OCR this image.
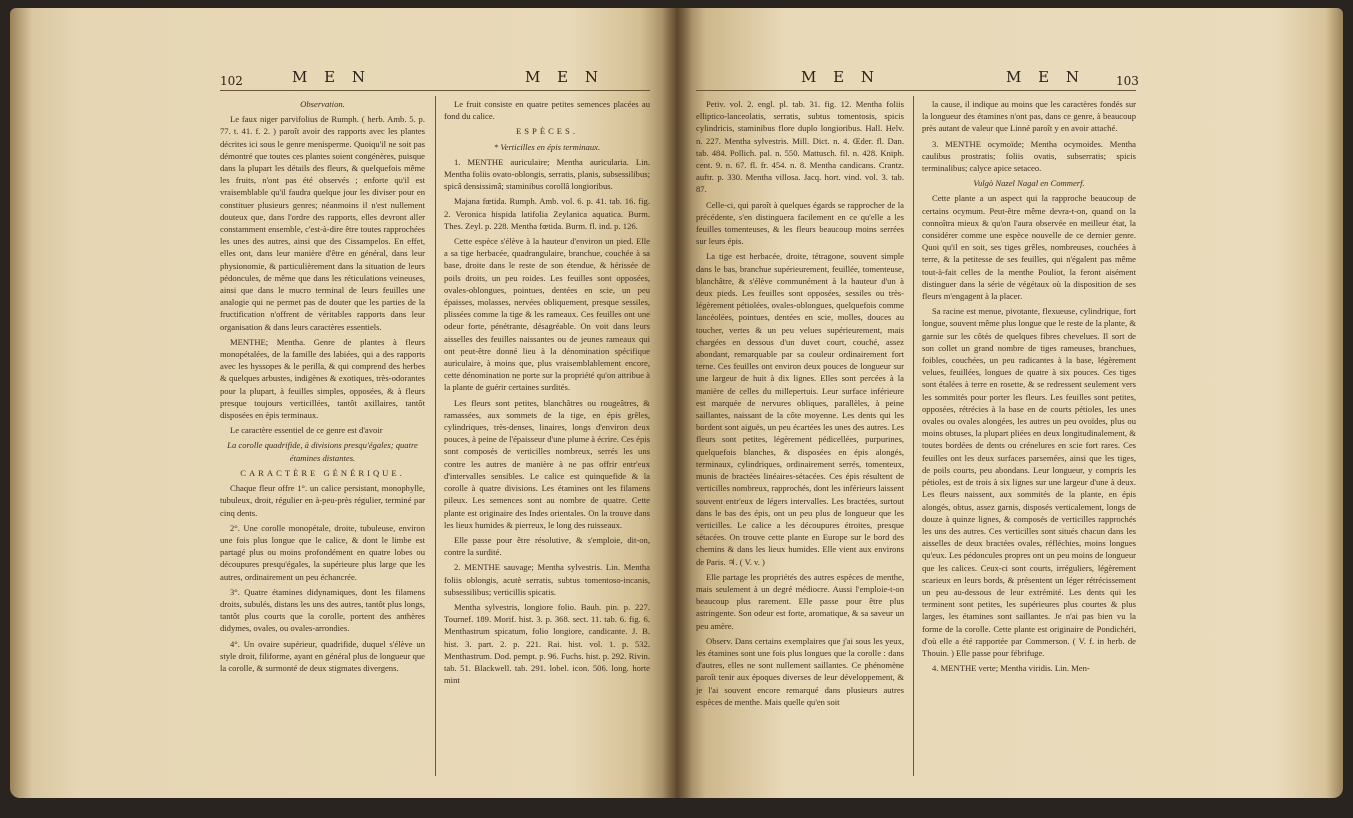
102	M E N	M E N

Observation.

Le faux niger parvifolius de Rumph. ( herb. Amb. 5. p. 77. t. 41. f. 2. ) paroît avoir des rapports avec les plantes décrites ici sous le genre menisperme. Quoiqu'il ne soit pas démontré que toutes ces plantes soient congénères, puisque dans la plupart les détails des fleurs, & quelquefois même les fruits, n'ont pas été observés ; enforte qu'il est vraisemblable qu'il faudra quelque jour les diviser pour en constituer plusieurs genres; néanmoins il n'est nullement douteux que, dans l'ordre des rapports, elles devront aller constamment ensemble, c'est-à-dire être toutes rapprochées les unes des autres, ainsi que des Cissampelos. En effet, elles ont, dans leur manière d'être en général, dans leur physionomie, & particulièrement dans la situation de leurs pédoncules, de même que dans les réticulations veineuses, ainsi que dans le mucro terminal de leurs feuilles une analogie qui ne permet pas de douter que les parties de la fructification n'offrent de véritables rapports dans leur organisation & dans leurs caractères essentiels.

MENTHE; Mentha. Genre de plantes à fleurs monopétalées, de la famille des labiées, qui a des rapports avec les hyssopes & le perilla, & qui comprend des herbes & quelques arbustes, indigènes & exotiques, très-odorantes pour la plupart, à feuilles simples, opposées, & à fleurs presque toujours verticillées, tantôt axillaires, tantôt disposées en épis terminaux.

Le caractère essentiel de ce genre est d'avoir

La corolle quadrifide, à divisions presqu'égales; quatre étamines distantes.

CARACTÈRE GÉNÉRIQUE.

Chaque fleur offre 1°. un calice persistant, monophylle, tubuleux, droit, régulier en à-peu-près régulier, terminé par cinq dents.

2°. Une corolle monopétale, droite, tubuleuse, environ une fois plus longue que le calice, & dont le limbe est partagé plus ou moins profondément en quatre lobes ou découpures presqu'égales, la supérieure plus large que les autres, ordinairement un peu échancrée.

3°. Quatre étamines didynamiques, dont les filamens droits, subulés, distans les uns des autres, tantôt plus longs, tantôt plus courts que la corolle, portent des anthères didymes, ovales, ou ovales-arrondies.

4°. Un ovaire supérieur, quadrifide, duquel s'élève un style droit, filiforme, ayant en général plus de longueur que la corolle, & surmonté de deux stigmates divergens.

Le fruit consiste en quatre petites semences placées au fond du calice.

ESPÈCES.

* Verticilles en épis terminaux.

1. MENTHE auriculaire; Mentha auricularia. Lin. Mentha foliis ovato-oblongis, serratis, planis, subsessilibus; spicâ densissimâ; staminibus corollâ longioribus.

Majana fœtida. Rumph. Amb. vol. 6. p. 41. tab. 16. fig. 2. Veronica hispida latifolia Zeylanica aquatica. Burm. Thes. Zeyl. p. 228. Mentha fœtida. Burm. fl. ind. p. 126.

Cette espèce s'élève à la hauteur d'environ un pied. Elle a sa tige herbacée, quadrangulaire, branchue, couchée à sa base, droite dans le reste de son étendue, & hérissée de poils droits, un peu roides. Les feuilles sont opposées, ovales-oblongues, pointues, dentées en scie, un peu épaisses, molasses, nervées obliquement, presque sessiles, plissées comme la tige & les rameaux. Ces feuilles ont une odeur forte, pénétrante, désagréable. On voit dans leurs aisselles des feuilles naissantes ou de jeunes rameaux qui ont peut-être donné lieu à la dénomination spécifique auriculaire, à moins que, plus vraisemblablement encore, cette dénomination ne porte sur la propriété qu'on attribue à la plante de guérir certaines surdités.

Les fleurs sont petites, blanchâtres ou rougeâtres, & ramassées, aux sommets de la tige, en épis grêles, cylindriques, très-denses, linaires, longs d'environ deux pouces, à peine de l'épaisseur d'une plume à écrire. Ces épis sont composés de verticilles nombreux, serrés les uns contre les autres de manière à ne pas offrir entr'eux d'intervalles sensibles. Le calice est quinquefide & la corolle à quatre divisions. Les étamines ont les filamens pileux. Les semences sont au nombre de quatre. Cette plante est originaire des Indes orientales. On la trouve dans les lieux humides & pierreux, le long des ruisseaux.

Elle passe pour être résolutive, & s'emploie, dit-on, contre la surdité.

2. MENTHE sauvage; Mentha sylvestris. Lin. Mentha foliis oblongis, acutè serratis, subtus tomentoso-incanis, subsessilibus; verticillis spicatis.

Mentha sylvestris, longiore folio. Bauh. pin. p. 227. Tournef. 189. Morif. hist. 3. p. 368. sect. 11. tab. 6. fig. 6. Menthastrum spicatum, folio longiore, candicante. J. B. hist. 3. part. 2. p. 221. Rai. hist. vol. 1. p. 532. Menthastrum. Dod. pempt. p. 96. Fuchs. hist. p. 292. Rivin. tab. 51. Blackwell. tab. 291. lobel. icon. 506. long. horte mint

M E N	M E N	103

Petiv. vol. 2. engl. pl. tab. 31. fig. 12. Mentha foliis elliptico-lanceolatis, serratis, subtus tomentosis, spicis cylindricis, staminibus flore duplo longioribus. Hall. Helv. n. 227. Mentha sylvestris. Mill. Dict. n. 4. Œder. fl. Dan. tab. 484. Pollich. pal. n. 550. Mattusch. fil. n. 428. Kniph. cent. 9. n. 67. fl. fr. 454. n. 8. Mentha candicans. Crantz. auftr. p. 330. Mentha villosa. Jacq. hort. vind. vol. 3. tab. 87.

Celle-ci, qui paroît à quelques égards se rapprocher de la précédente, s'en distinguera facilement en ce qu'elle a les feuilles tomenteuses, & les fleurs beaucoup moins serrées sur leurs épis.

La tige est herbacée, droite, tétragone, souvent simple dans le bas, branchue supérieurement, feuillée, tomenteuse, blanchâtre, & s'élève communément à la hauteur d'un à deux pieds. Les feuilles sont opposées, sessiles ou très-légèrement pétiolées, ovales-oblongues, quelquefois comme lancéolées, pointues, dentées en scie, molles, douces au toucher, vertes & un peu velues supérieurement, mais chargées en dessous d'un duvet court, couché, assez abondant, remarquable par sa couleur ordinairement fort terne. Ces feuilles ont environ deux pouces de longueur sur une largeur de huit à dix lignes. Elles sont percées à la manière de celles du millepertuis. Leur surface inférieure est marquée de nervures obliques, parallèles, à peine saillantes, naissant de la côte moyenne. Les dents qui les bordent sont aiguës, un peu écartées les unes des autres. Les fleurs sont petites, légèrement pédicellées, purpurines, quelquefois blanches, & disposées en épis alongés, terminaux, cylindriques, ordinairement serrés, tomenteux, munis de bractées linéaires-sétacées. Ces épis résultent de verticilles nombreux, rapprochés, dont les inférieurs laissent souvent entr'eux de légers intervalles. Les bractées, surtout dans le bas des épis, ont un peu plus de longueur que les verticilles. Le calice a les découpures étroites, presque sétacées. On trouve cette plante en Europe sur le bord des chemins & dans les lieux humides. Elle vient aux environs de Paris. ♃. ( V. v. )

Elle partage les propriétés des autres espèces de menthe, mais seulement à un degré médiocre. Aussi l'emploie-t-on beaucoup plus rarement. Elle passe pour être plus astringente. Son odeur est forte, aromatique, & sa saveur un peu amère.

Observ. Dans certains exemplaires que j'ai sous les yeux, les étamines sont une fois plus longues que la corolle : dans d'autres, elles ne sont nullement saillantes. Ce phénomène paroît tenir aux époques diverses de leur développement, & je l'ai souvent encore remarqué dans plusieurs autres espèces de menthe. Mais quelle qu'en soit

la cause, il indique au moins que les caractères fondés sur la longueur des étamines n'ont pas, dans ce genre, à beaucoup près autant de valeur que Linné paroît y en avoir attaché.

3. MENTHE ocymoïde; Mentha ocymoides. Mentha caulibus prostratis; foliis ovatis, subserratis; spicis terminalibus; calyce apice setaceo.

Vulgò Nazel Nagal en Commerf.

Cette plante a un aspect qui la rapproche beaucoup de certains ocymum. Peut-être même devra-t-on, quand on la connoîtra mieux & qu'on l'aura observée en meilleur état, la considérer comme une espèce nouvelle de ce dernier genre. Quoi qu'il en soit, ses tiges grêles, nombreuses, couchées à terre, & la petitesse de ses feuilles, qui n'égalent pas même tout-à-fait celles de la menthe Pouliot, la feront aisément distinguer dans la série de végétaux où la disposition de ses fleurs m'engagent à la placer.

Sa racine est menue, pivotante, flexueuse, cylindrique, fort longue, souvent même plus longue que le reste de la plante, & garnie sur les côtés de quelques fibres chevelues. Il sort de son collet un grand nombre de tiges rameuses, branchues, foibles, couchées, un peu radicantes à la base, légèrement velues, feuillées, longues de quatre à six pouces. Ces tiges sont étalées à terre en rosette, & se redressent seulement vers les sommités pour porter les fleurs. Les feuilles sont petites, opposées, rétrécies à la base en de courts pétioles, les unes ovales ou ovales alongées, les autres un peu ovoïdes, plus ou moins obtuses, la plupart pliées en deux longitudinalement, & toutes bordées de dents ou crénelures en scie fort rares. Ces feuilles ont les deux surfaces parsemées, ainsi que les tiges, de poils courts, peu abondans. Leur longueur, y compris les pétioles, est de trois à six lignes sur une largeur d'une à deux. Les fleurs naissent, aux sommités de la plante, en épis alongés, obtus, assez garnis, disposés verticalement, longs de douze à quinze lignes, & composés de verticilles rapprochés les uns des autres. Ces verticilles sont situés chacun dans les aisselles de deux bractées ovales, réfléchies, moins longues qu'eux. Les pédoncules propres ont un peu moins de longueur que les calices. Ceux-ci sont courts, irréguliers, légèrement scarieux en leurs bords, & présentent un léger rétrécissement un peu au-dessous de leur extrémité. Les dents qui les terminent sont petites, les supérieures plus courtes & plus larges, les étamines sont saillantes. Je n'ai pas bien vu la forme de la corolle. Cette plante est originaire de Pondichéri, d'où elle a été rapportée par Commerson. ( V. f. in herb. de Thouin. ) Elle passe pour fébrifuge.

4. MENTHE verte; Mentha viridis. Lin. Men-
